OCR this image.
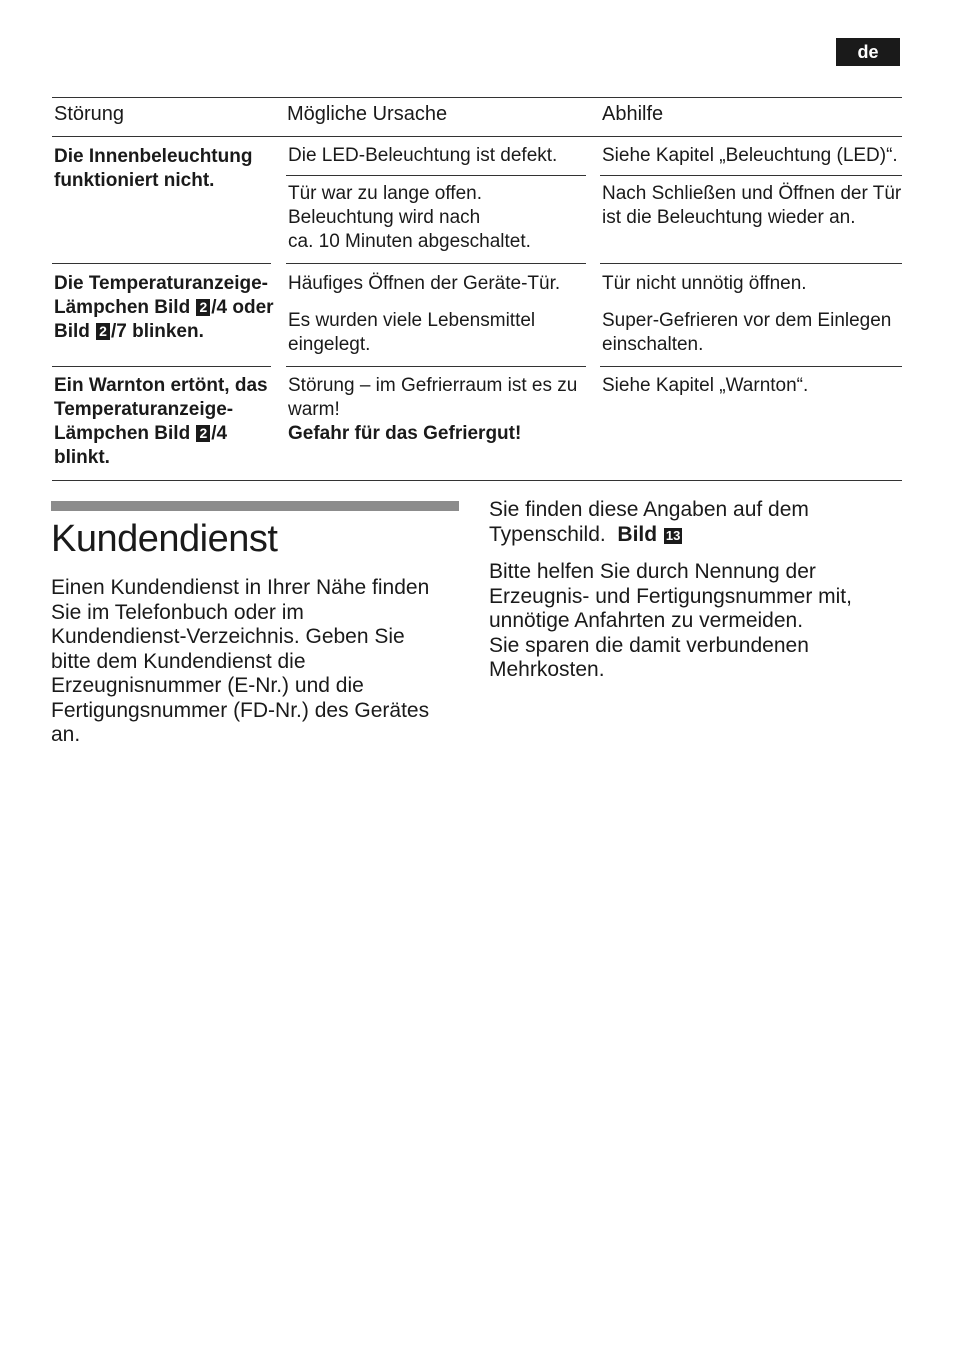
de
Störung	Mögliche Ursache	Abhilfe
Die Innenbeleuchtung
funktioniert nicht.
Die LED-Beleuchtung ist defekt. Siehe Kapitel „Beleuchtung (LED)“.
Tür war zu lange offen.
Beleuchtung wird nach
ca. 10 Minuten abgeschaltet.
Nach Schließen und Öffnen der Tür
ist die Beleuchtung wieder an.
Die Temperaturanzeige-
Lämpchen Bild 2 /4 oder
Bild 2 /7 blinken.
Häufiges Öffnen der Geräte-Tür.
Es wurden viele Lebensmittel
eingelegt.
Tür nicht unnötig öffnen.
Super-Gefrieren vor dem Einlegen
einschalten.
Ein Warnton ertönt, das
Temperaturanzeige-
Lämpchen Bild 2 /4
blinkt.
Störung – im Gefrierraum ist es zu
warm!
Gefahr für das Gefriergut!
Siehe Kapitel „Warnton“.
Kundendienst
Einen Kundendienst in Ihrer Nähe finden
Sie im Telefonbuch oder im
Kundendienst-Verzeichnis. Geben Sie
bitte dem Kundendienst die
Erzeugnisnummer (E-Nr.) und die
Fertigungsnummer (FD-Nr.) des Gerätes
an.
Sie finden diese Angaben auf dem
Typenschild. Bild 13
Bitte helfen Sie durch Nennung der
Erzeugnis- und Fertigungsnummer mit,
unnötige Anfahrten zu vermeiden.
Sie sparen die damit verbundenen
Mehrkosten.
